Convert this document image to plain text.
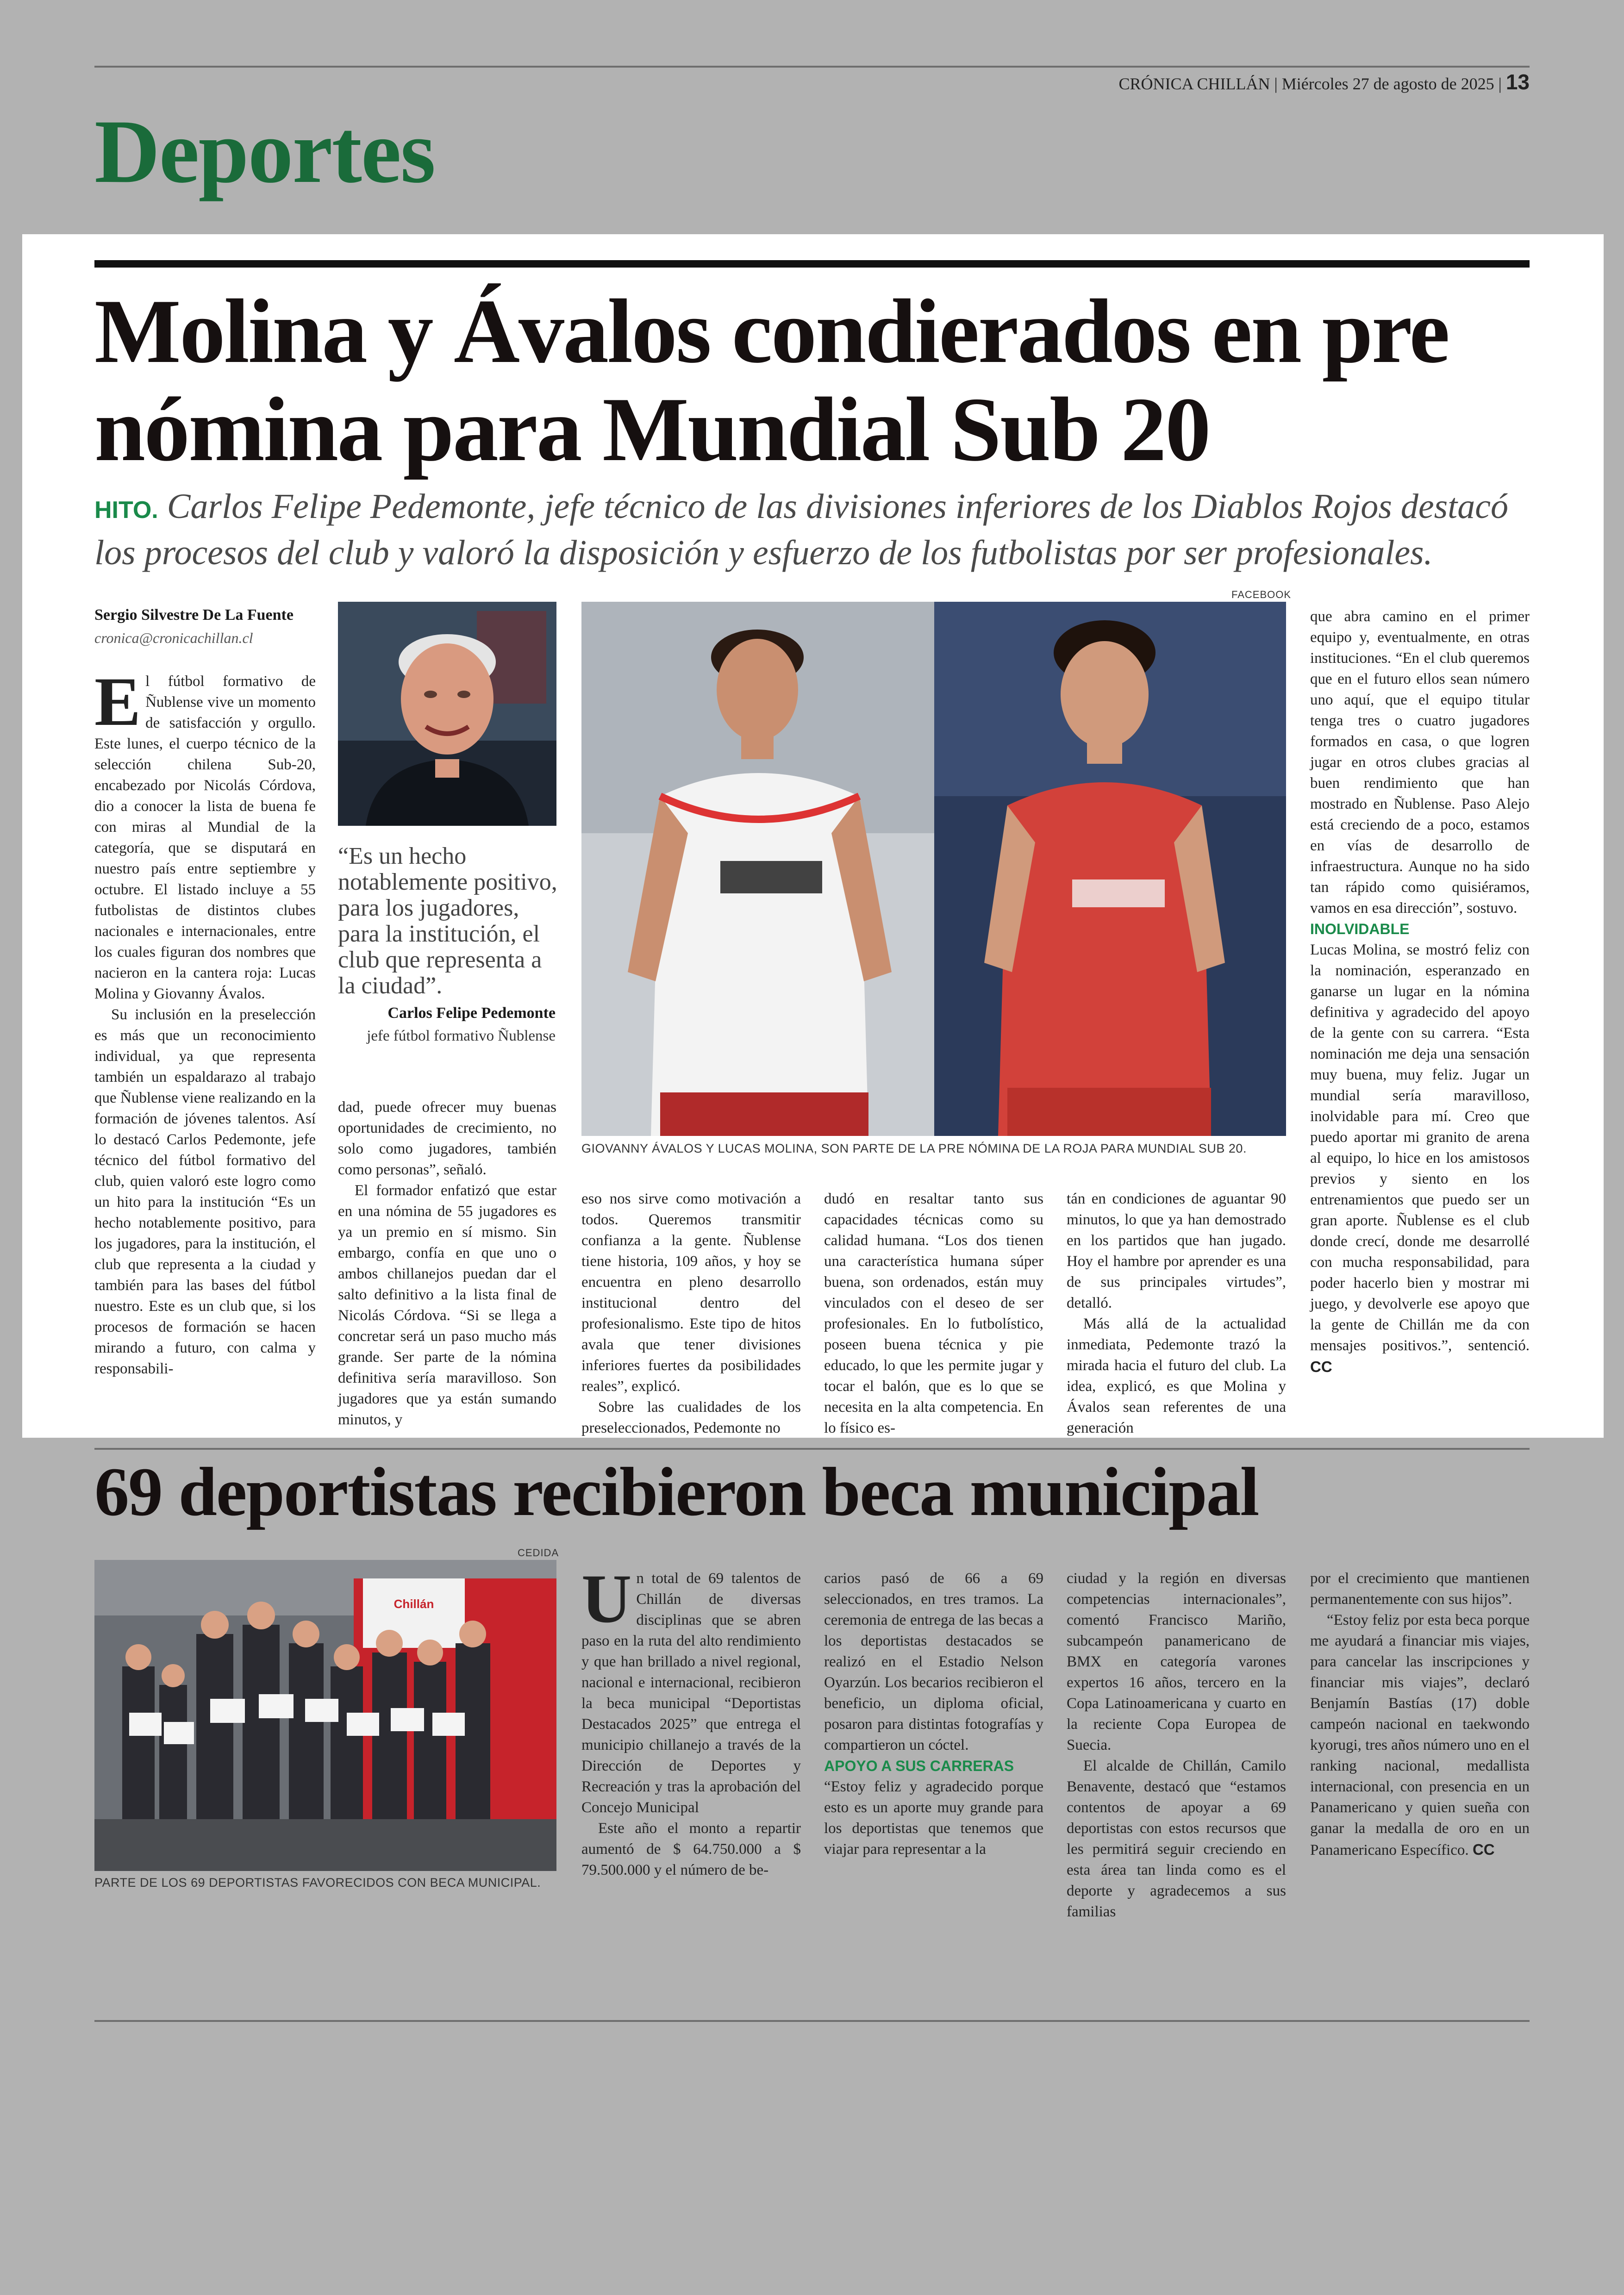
CRÓNICA CHILLÁN | Miércoles 27 de agosto de 2025 | 13
Deportes
Molina y Ávalos condierados en pre nómina para Mundial Sub 20
HITO. Carlos Felipe Pedemonte, jefe técnico de las divisiones inferiores de los Diablos Rojos destacó los procesos del club y valoró la disposición y esfuerzo de los futbolistas por ser profesionales.
Sergio Silvestre De La Fuente
cronica@cronicachillan.cl

El fútbol formativo de Ñublense vive un momento de satisfacción y orgullo. Este lunes, el cuerpo técnico de la selección chilena Sub-20, encabezado por Nicolás Córdova, dio a conocer la lista de buena fe con miras al Mundial de la categoría, que se disputará en nuestro país entre septiembre y octubre. El listado incluye a 55 futbolistas de distintos clubes nacionales e internacionales, entre los cuales figuran dos nombres que nacieron en la cantera roja: Lucas Molina y Giovanny Ávalos.

Su inclusión en la preselección es más que un reconocimiento individual, ya que representa también un espaldarazo al trabajo que Ñublense viene realizando en la formación de jóvenes talentos. Así lo destacó Carlos Pedemonte, jefe técnico del fútbol formativo del club, quien valoró este logro como un hito para la institución “Es un hecho notablemente positivo, para los jugadores, para la institución, el club que representa a la ciudad y también para las bases del fútbol nuestro. Este es un club que, si los procesos de formación se hacen mirando a futuro, con calma y responsabili-

“Es un hecho notablemente positivo, para los jugadores, para la institución, el club que representa a la ciudad”.
Carlos Felipe Pedemonte
jefe fútbol formativo Ñublense

dad, puede ofrecer muy buenas oportunidades de crecimiento, no solo como jugadores, también como personas”, señaló.

El formador enfatizó que estar en una nómina de 55 jugadores es ya un premio en sí mismo. Sin embargo, confía en que uno o ambos chillanejos puedan dar el salto definitivo a la lista final de Nicolás Córdova. “Si se llega a concretar será un paso mucho más grande. Ser parte de la nómina definitiva sería maravilloso. Son jugadores que ya están sumando minutos, y

FACEBOOK
GIOVANNY ÁVALOS Y LUCAS MOLINA, SON PARTE DE LA PRE NÓMINA DE LA ROJA PARA MUNDIAL SUB 20.

eso nos sirve como motivación a todos. Queremos transmitir confianza a la gente. Ñublense tiene historia, 109 años, y hoy se encuentra en pleno desarrollo institucional dentro del profesionalismo. Este tipo de hitos avala que tener divisiones inferiores fuertes da posibilidades reales”, explicó.

Sobre las cualidades de los preseleccionados, Pedemonte no

dudó en resaltar tanto sus capacidades técnicas como su calidad humana. “Los dos tienen una característica humana súper buena, son ordenados, están muy vinculados con el deseo de ser profesionales. En lo futbolístico, poseen buena técnica y pie educado, lo que les permite jugar y tocar el balón, que es lo que se necesita en la alta competencia. En lo físico es-

tán en condiciones de aguantar 90 minutos, lo que ya han demostrado en los partidos que han jugado. Hoy el hambre por aprender es una de sus principales virtudes”, detalló.

Más allá de la actualidad inmediata, Pedemonte trazó la mirada hacia el futuro del club. La idea, explicó, es que Molina y Ávalos sean referentes de una generación

que abra camino en el primer equipo y, eventualmente, en otras instituciones. “En el club queremos que en el futuro ellos sean número uno aquí, que el equipo titular tenga tres o cuatro jugadores formados en casa, o que logren jugar en otros clubes gracias al buen rendimiento que han mostrado en Ñublense. Paso Alejo está creciendo de a poco, estamos en vías de desarrollo de infraestructura. Aunque no ha sido tan rápido como quisiéramos, vamos en esa dirección”, sostuvo.

INOLVIDABLE

Lucas Molina, se mostró feliz con la nominación, esperanzado en ganarse un lugar en la nómina definitiva y agradecido del apoyo de la gente con su carrera. “Esta nominación me deja una sensación muy buena, muy feliz. Jugar un mundial sería maravilloso, inolvidable para mí. Creo que puedo aportar mi granito de arena al equipo, lo hice en los amistosos previos y siento en los entrenamientos que puedo ser un gran aporte. Ñublense es el club donde crecí, donde me desarrollé con mucha responsabilidad, para poder hacerlo bien y mostrar mi juego, y devolverle ese apoyo que la gente de Chillán me da con mensajes positivos.”, sentenció. CC

69 deportistas recibieron beca municipal
CEDIDA
Chillán
PARTE DE LOS 69 DEPORTISTAS FAVORECIDOS CON BECA MUNICIPAL.

Un total de 69 talentos de Chillán de diversas disciplinas que se abren paso en la ruta del alto rendimiento y que han brillado a nivel regional, nacional e internacional, recibieron la beca municipal “Deportistas Destacados 2025” que entrega el municipio chillanejo a través de la Dirección de Deportes y Recreación y tras la aprobación del Concejo Municipal

Este año el monto a repartir aumentó de $ 64.750.000 a $ 79.500.000 y el número de be-

carios pasó de 66 a 69 seleccionados, en tres tramos. La ceremonia de entrega de las becas a los deportistas destacados se realizó en el Estadio Nelson Oyarzún. Los becarios recibieron el beneficio, un diploma oficial, posaron para distintas fotografías y compartieron un cóctel.

APOYO A SUS CARRERAS

“Estoy feliz y agradecido porque esto es un aporte muy grande para los deportistas que tenemos que viajar para representar a la

ciudad y la región en diversas competencias internacionales”, comentó Francisco Mariño, subcampeón panamericano de BMX en categoría varones expertos 16 años, tercero en la Copa Latinoamericana y cuarto en la reciente Copa Europea de Suecia.

El alcalde de Chillán, Camilo Benavente, destacó que “estamos contentos de apoyar a 69 deportistas con estos recursos que les permitirá seguir creciendo en esta área tan linda como es el deporte y agradecemos a sus familias

por el crecimiento que mantienen permanentemente con sus hijos”.

“Estoy feliz por esta beca porque me ayudará a financiar mis viajes, para cancelar las inscripciones y financiar mis viajes”, declaró Benjamín Bastías (17) doble campeón nacional en taekwondo kyorugi, tres años número uno en el ranking nacional, medallista internacional, con presencia en un Panamericano y quien sueña con ganar la medalla de oro en un Panamericano Específico. CC
